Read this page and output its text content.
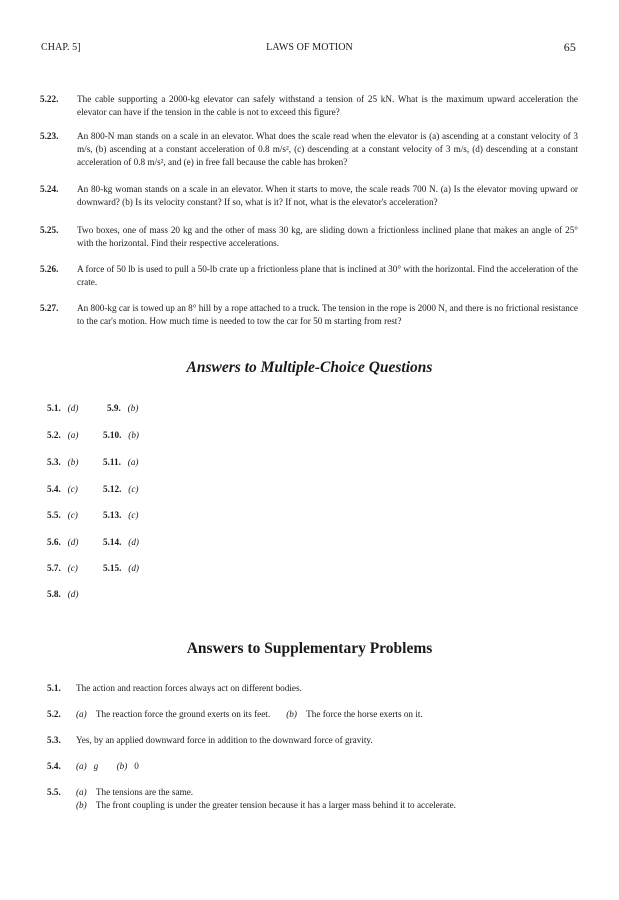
CHAP. 5]	LAWS OF MOTION	65
5.22. The cable supporting a 2000-kg elevator can safely withstand a tension of 25 kN. What is the maximum upward acceleration the elevator can have if the tension in the cable is not to exceed this figure?
5.23. An 800-N man stands on a scale in an elevator. What does the scale read when the elevator is (a) ascending at a constant velocity of 3 m/s, (b) ascending at a constant acceleration of 0.8 m/s², (c) descending at a constant velocity of 3 m/s, (d) descending at a constant acceleration of 0.8 m/s², and (e) in free fall because the cable has broken?
5.24. An 80-kg woman stands on a scale in an elevator. When it starts to move, the scale reads 700 N. (a) Is the elevator moving upward or downward? (b) Is its velocity constant? If so, what is it? If not, what is the elevator's acceleration?
5.25. Two boxes, one of mass 20 kg and the other of mass 30 kg, are sliding down a frictionless inclined plane that makes an angle of 25° with the horizontal. Find their respective accelerations.
5.26. A force of 50 lb is used to pull a 50-lb crate up a frictionless plane that is inclined at 30° with the horizontal. Find the acceleration of the crate.
5.27. An 800-kg car is towed up an 8° hill by a rope attached to a truck. The tension in the rope is 2000 N, and there is no frictional resistance to the car's motion. How much time is needed to tow the car for 50 m starting from rest?
Answers to Multiple-Choice Questions
5.1. (d)
5.2. (a)
5.3. (b)
5.4. (c)
5.5. (c)
5.6. (d)
5.7. (c)
5.8. (d)
5.9. (b)
5.10. (b)
5.11. (a)
5.12. (c)
5.13. (c)
5.14. (d)
5.15. (d)
Answers to Supplementary Problems
5.1. The action and reaction forces always act on different bodies.
5.2. (a) The reaction force the ground exerts on its feet. (b) The force the horse exerts on it.
5.3. Yes, by an applied downward force in addition to the downward force of gravity.
5.4. (a) g (b) 0
5.5. (a) The tensions are the same.
(b) The front coupling is under the greater tension because it has a larger mass behind it to accelerate.
